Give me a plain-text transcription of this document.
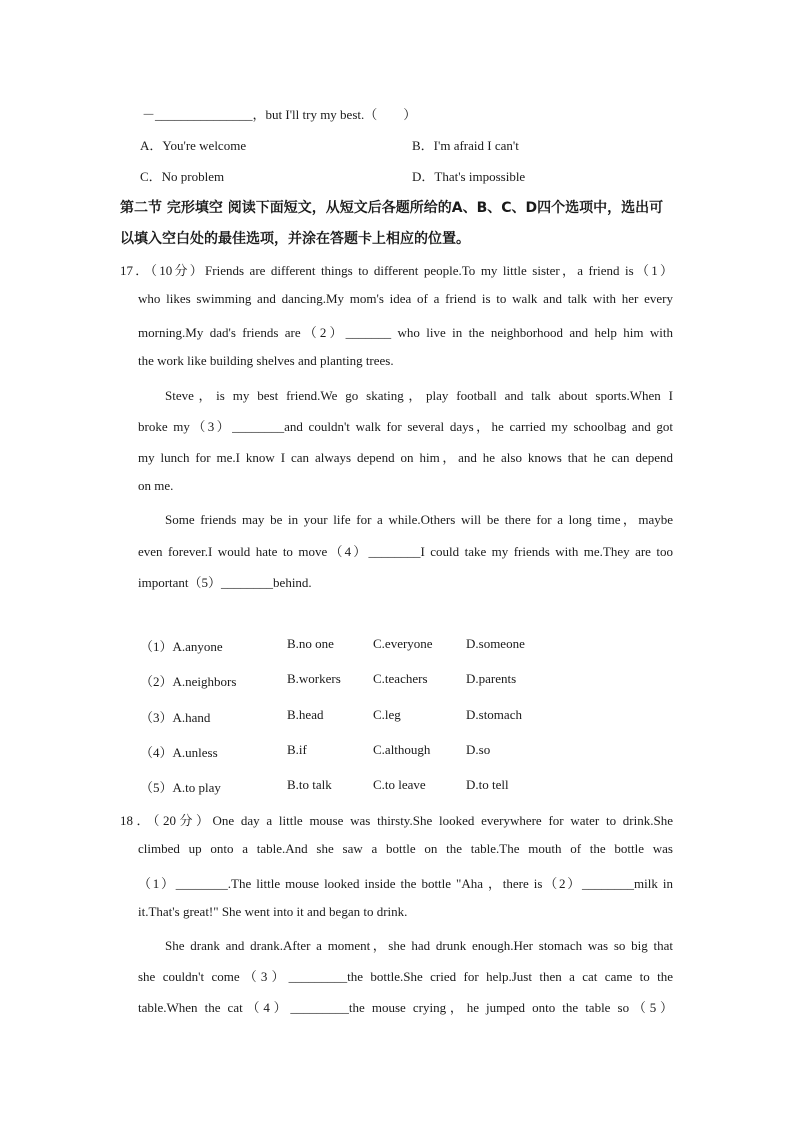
－_______________，but I'll try my best.（　　）
A．You're welcome	B．I'm afraid I can't
C．No problem	D．That's impossible
第二节 完形填空 阅读下面短文，从短文后各题所给的A、B、C、D四个选项中，选出可
以填入空白处的最佳选项，并涂在答题卡上相应的位置。
17．（10分）Friends are different things to different people.To my little sister，a friend is（1）
who likes swimming and dancing.My mom's idea of a friend is to walk and talk with her every
morning.My dad's friends are（2）_______ who live in the neighborhood and help him with
the work like building shelves and planting trees.
Steve，is my best friend.We go skating，play football and talk about sports.When I
broke my（3）________and couldn't walk for several days，he carried my schoolbag and got
my lunch for me.I know I can always depend on him，and he also knows that he can depend
on me.
Some friends may be in your life for a while.Others will be there for a long time，maybe
even forever.I would hate to move（4）________I could take my friends with me.They are too
important（5）________behind.
（1）A.anyone	B.no one	C.everyone	D.someone
（2）A.neighbors	B.workers C.teachers	D.parents
（3）A.hand	B.head	C.leg	D.stomach
（4）A.unless	B.if	C.although	D.so
（5）A.to play	B.to talk	C.to leave	D.to tell
18．（20分）One day a little mouse was thirsty.She looked everywhere for water to drink.She
climbed up onto a table.And she saw a bottle on the table.The mouth of the bottle was
（1）________.The little mouse looked inside the bottle "Aha ，there is（2）________milk in
it.That's great!" She went into it and began to drink.
She drank and drank.After a moment，she had drunk enough.Her stomach was so big that
she couldn't come（3）_________the bottle.She cried for help.Just then a cat came to the
table.When the cat（4）_________the mouse crying，he jumped onto the table so（5）
